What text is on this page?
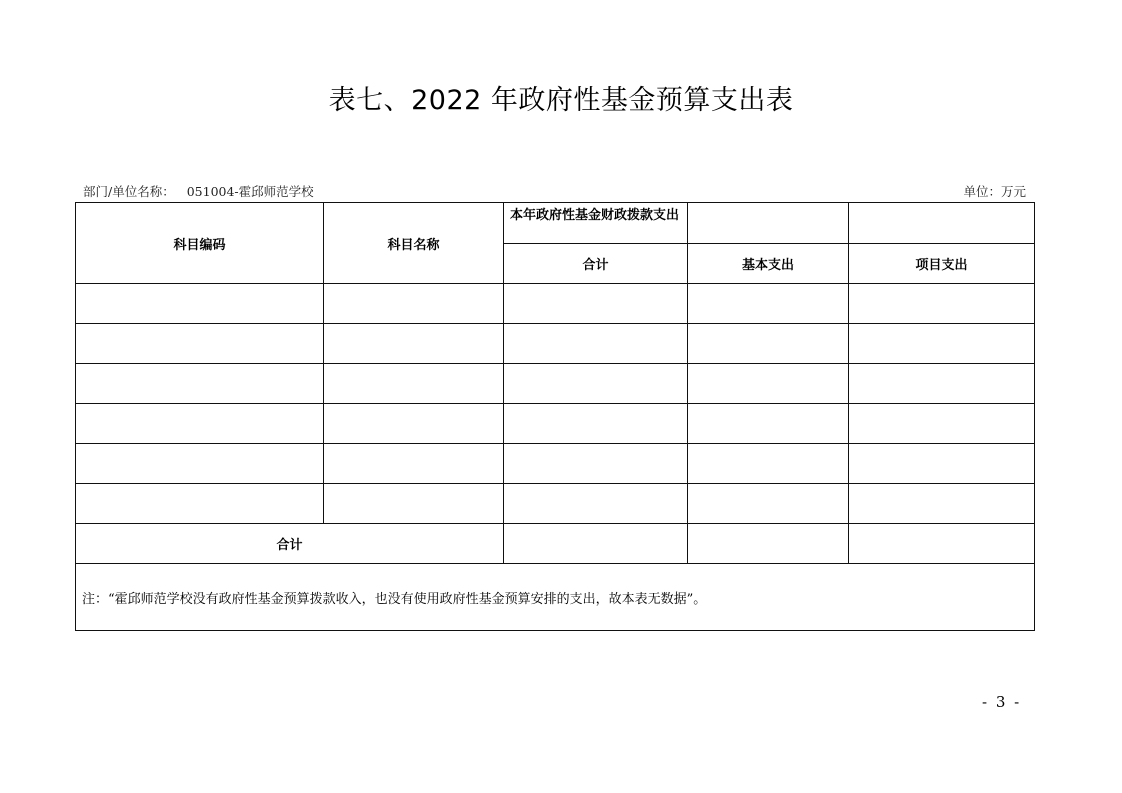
表七、2022 年政府性基金预算支出表
部门/单位名称： 051004-霍邱师范学校	单位：万元
科目编码	科目名称	本年政府性基金财政拨款支出		
		合计	基本支出	项目支出

合计				
注：“霍邱师范学校没有政府性基金预算拨款收入，也没有使用政府性基金预算安排的支出，故本表无数据”。				
- 3 -
